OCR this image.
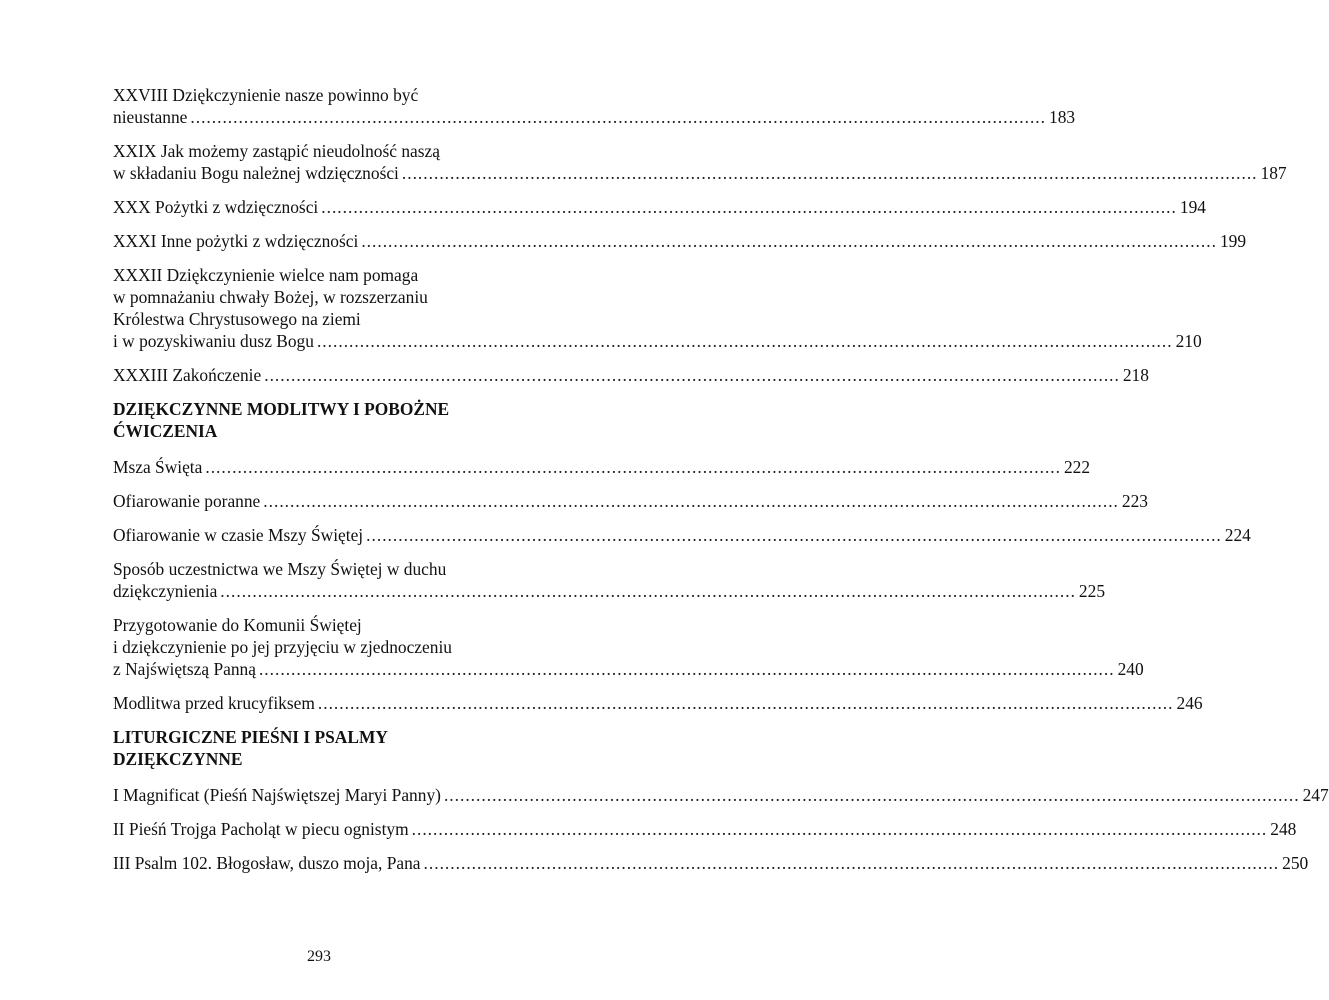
XXVIII Dziękczynienie nasze powinno być
nieustanne ................................................................................................................................................................ 183
XXIX Jak możemy zastąpić nieudolność naszą
w składaniu Bogu należnej wdzięczności ................................................................................................................................................................ 187
XXX Pożytki z wdzięczności ................................................................................................................................................................ 194
XXXI Inne pożytki z wdzięczności ................................................................................................................................................................ 199
XXXII Dziękczynienie wielce nam pomaga
w pomnażaniu chwały Bożej, w rozszerzaniu
Królestwa Chrystusowego na ziemi
i w pozyskiwaniu dusz Bogu ................................................................................................................................................................ 210
XXXIII Zakończenie ................................................................................................................................................................ 218
DZIĘKCZYNNE MODLITWY I POBOŻNE
ĆWICZENIA
Msza Święta ................................................................................................................................................................ 222
Ofiarowanie poranne ................................................................................................................................................................ 223
Ofiarowanie w czasie Mszy Świętej ................................................................................................................................................................ 224
Sposób uczestnictwa we Mszy Świętej w duchu
dziękczynienia ................................................................................................................................................................ 225
Przygotowanie do Komunii Świętej
i dziękczynienie po jej przyjęciu w zjednoczeniu
z Najświętszą Panną ................................................................................................................................................................ 240
Modlitwa przed krucyfiksem ................................................................................................................................................................ 246
LITURGICZNE PIEŚNI I PSALMY
DZIĘKCZYNNE
I Magnificat (Pieśń Najświętszej Maryi Panny) ................................................................................................................................................................ 247
II Pieśń Trojga Pacholąt w piecu ognistym ................................................................................................................................................................ 248
III Psalm 102. Błogosław, duszo moja, Pana ................................................................................................................................................................ 250
293
